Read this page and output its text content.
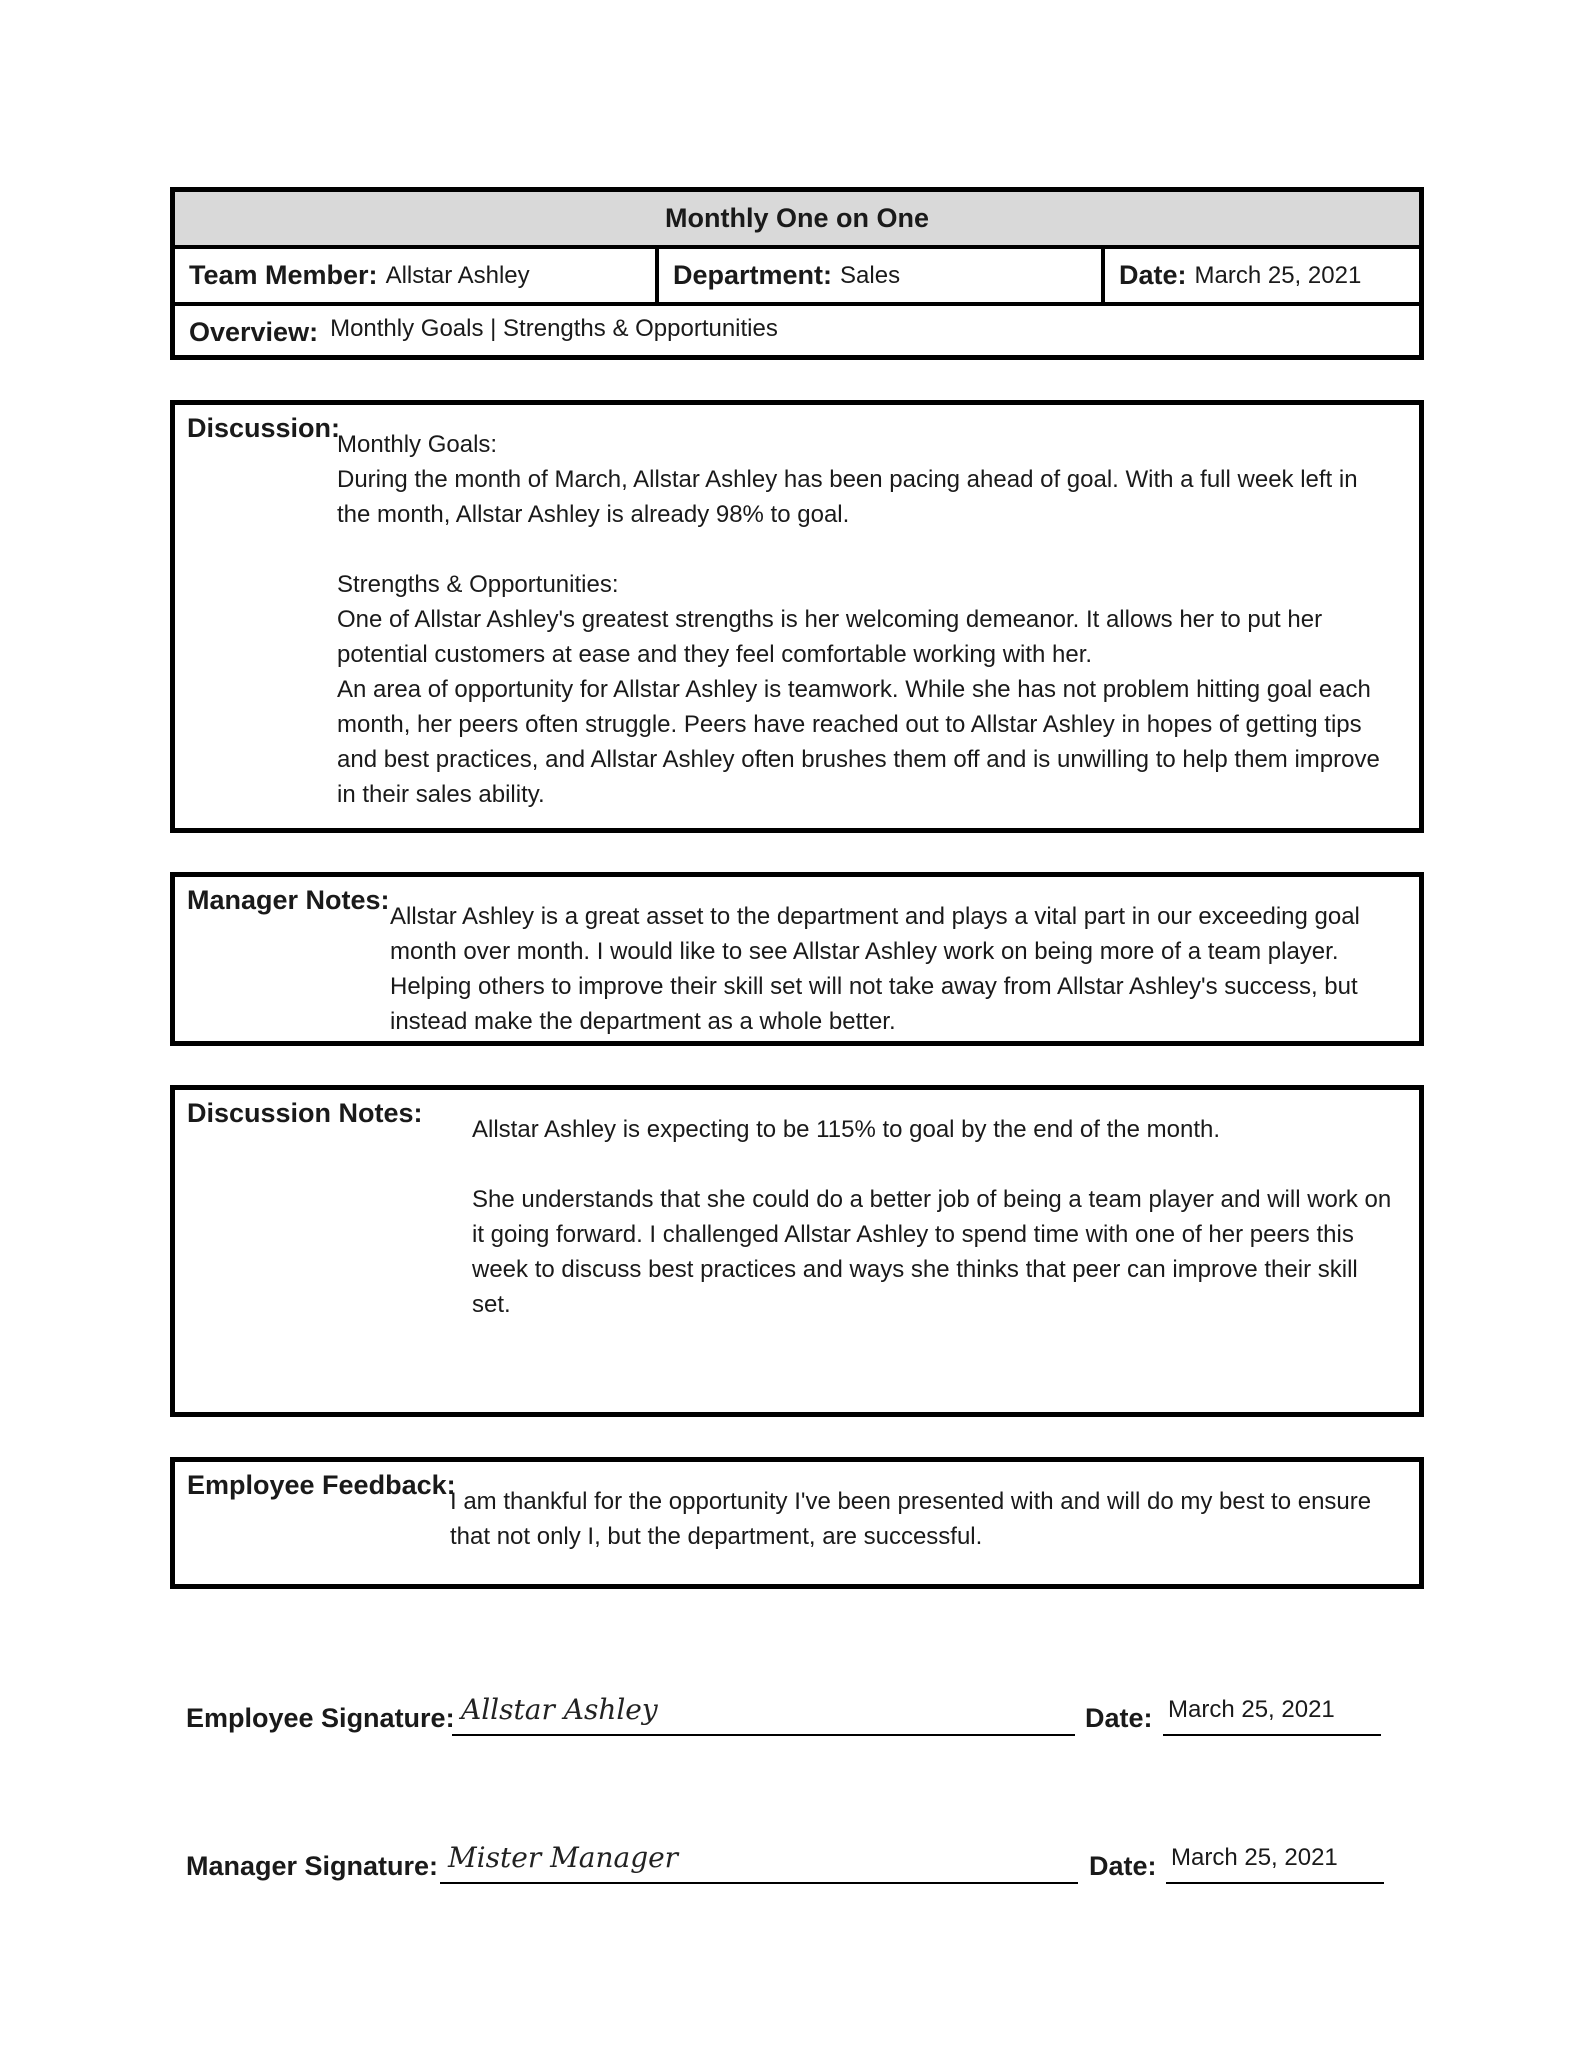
Monthly One on One
Team Member: Allstar Ashley	Department: Sales	Date: March 25, 2021
Overview: Monthly Goals | Strengths & Opportunities
Discussion:

Monthly Goals:

During the month of March, Allstar Ashley has been pacing ahead of goal. With a full week left in the month, Allstar Ashley is already 98% to goal.

Strengths & Opportunities:

One of Allstar Ashley's greatest strengths is her welcoming demeanor. It allows her to put her potential customers at ease and they feel comfortable working with her.

An area of opportunity for Allstar Ashley is teamwork. While she has not problem hitting goal each month, her peers often struggle. Peers have reached out to Allstar Ashley in hopes of getting tips and best practices, and Allstar Ashley often brushes them off and is unwilling to help them improve in their sales ability.

Manager Notes:

Allstar Ashley is a great asset to the department and plays a vital part in our exceeding goal month over month. I would like to see Allstar Ashley work on being more of a team player. Helping others to improve their skill set will not take away from Allstar Ashley's success, but instead make the department as a whole better.

Discussion Notes:

Allstar Ashley is expecting to be 115% to goal by the end of the month.

She understands that she could do a better job of being a team player and will work on it going forward. I challenged Allstar Ashley to spend time with one of her peers this week to discuss best practices and ways she thinks that peer can improve their skill set.

Employee Feedback:

I am thankful for the opportunity I've been presented with and will do my best to ensure that not only I, but the department, are successful.

Employee Signature: Allstar Ashley	Date: March 25, 2021
Manager Signature: Mister Manager	Date: March 25, 2021
